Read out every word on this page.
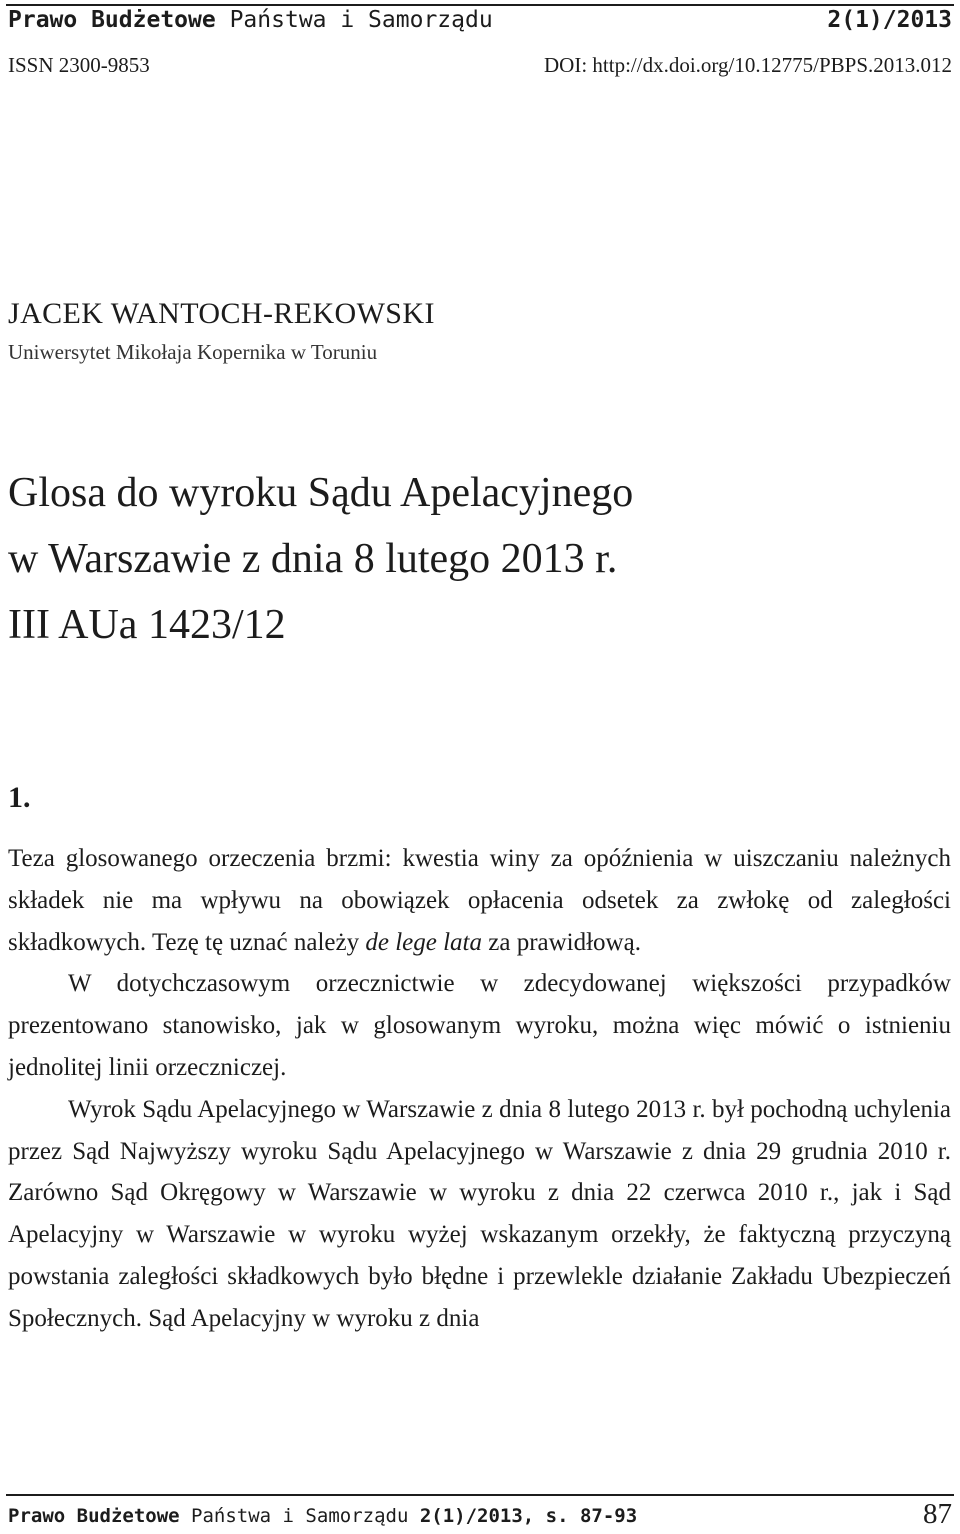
Prawo Budżetowe Państwa i Samorządu	2(1)/2013
ISSN 2300-9853	DOI: http://dx.doi.org/10.12775/PBPS.2013.012
JACEK WANTOCH-REKOWSKI
Uniwersytet Mikołaja Kopernika w Toruniu
Glosa do wyroku Sądu Apelacyjnego
w Warszawie z dnia 8 lutego 2013 r.
III AUa 1423/12
1.

Teza glosowanego orzeczenia brzmi: kwestia winy za opóźnienia w uiszczaniu należnych składek nie ma wpływu na obowiązek opłacenia odsetek za zwłokę od zaległości składkowych. Tezę tę uznać należy de lege lata za prawidłową.

W dotychczasowym orzecznictwie w zdecydowanej większości przypadków prezentowano stanowisko, jak w glosowanym wyroku, można więc mówić o istnieniu jednolitej linii orzeczniczej.

Wyrok Sądu Apelacyjnego w Warszawie z dnia 8 lutego 2013 r. był pochodną uchylenia przez Sąd Najwyższy wyroku Sądu Apelacyjnego w Warszawie z dnia 29 grudnia 2010 r. Zarówno Sąd Okręgowy w Warszawie w wyroku z dnia 22 czerwca 2010 r., jak i Sąd Apelacyjny w Warszawie w wyroku wyżej wskazanym orzekły, że faktyczną przyczyną powstania zaległości składkowych było błędne i przewlekle działanie Zakładu Ubezpieczeń Społecznych. Sąd Apelacyjny w wyroku z dnia

Prawo Budżetowe Państwa i Samorządu 2(1)/2013, s. 87-93	87
